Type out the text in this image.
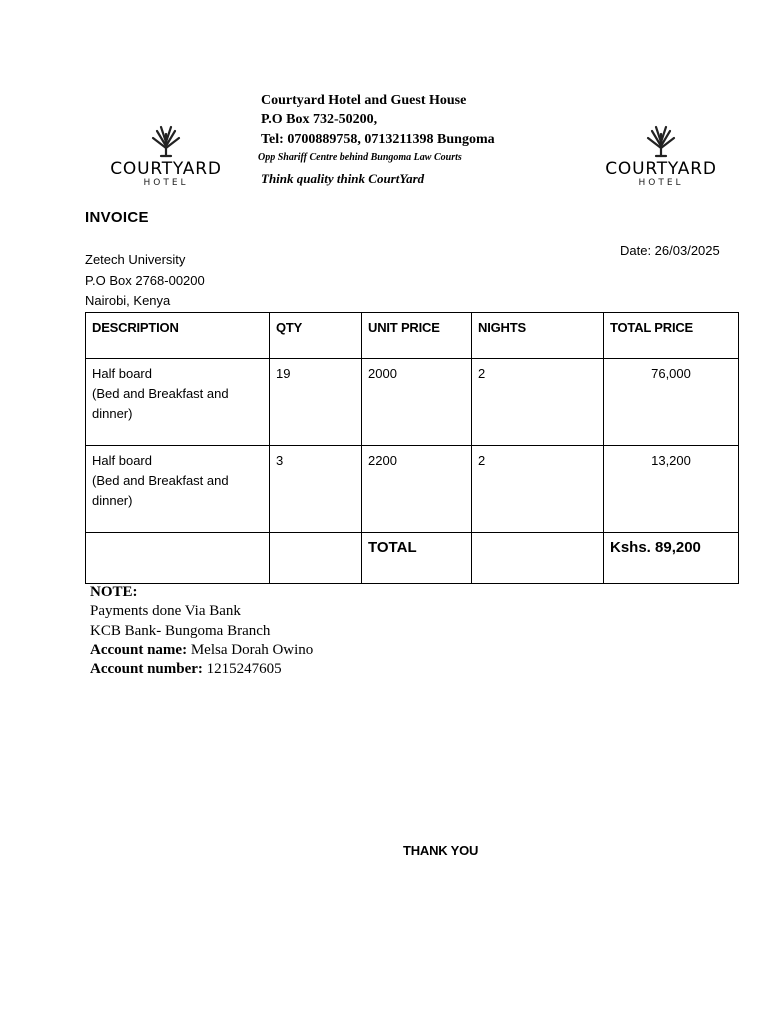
COURTYARD
HOTEL
COURTYARD
HOTEL
Courtyard Hotel and Guest House
P.O Box 732-50200,
Tel: 0700889758, 0713211398 Bungoma
Opp Shariff Centre behind Bungoma Law Courts
Think quality think CourtYard
INVOICE
Date: 26/03/2025
Zetech University
P.O Box 2768-00200
Nairobi, Kenya
DESCRIPTION	QTY	UNIT PRICE	NIGHTS	TOTAL PRICE

Half board
(Bed and Breakfast and dinner)	19	2000	2	76,000

Half board
(Bed and Breakfast and dinner)	3	2200	2	13,200
		TOTAL		Kshs. 89,200
NOTE:
Payments done Via Bank
KCB Bank- Bungoma Branch
Account name: Melsa Dorah Owino
Account number: 1215247605
THANK YOU
